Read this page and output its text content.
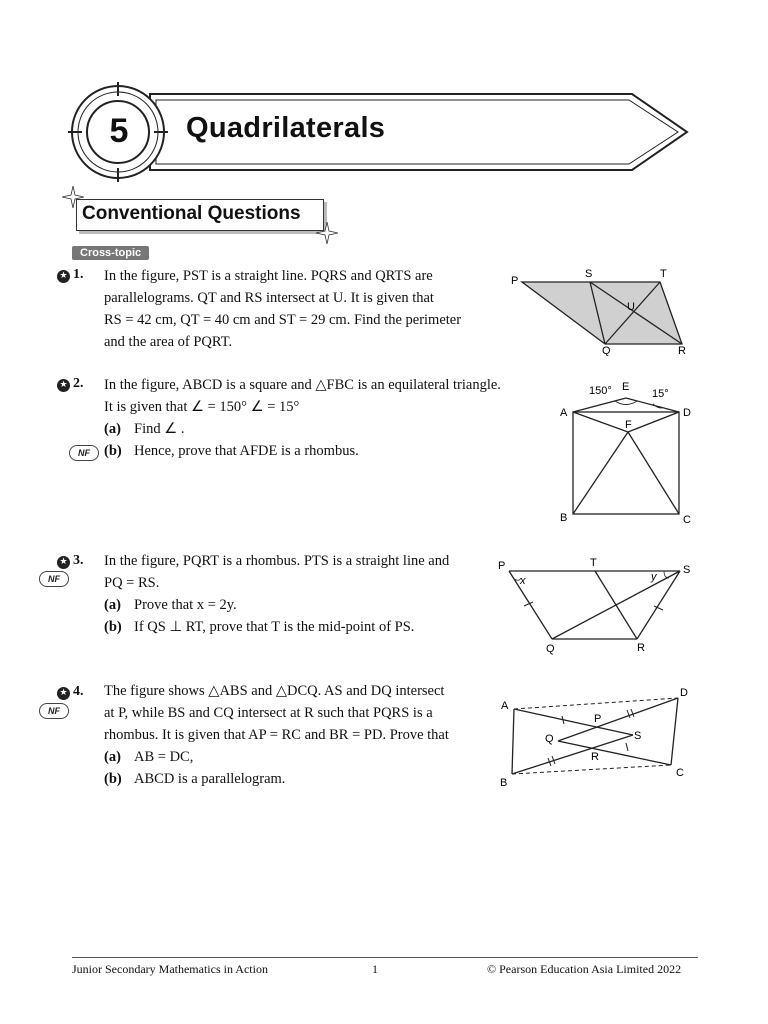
5 Quadrilaterals
Conventional Questions
Cross-topic
★ 1. In the figure, PST is a straight line. PQRS and QRTS are
parallelograms. QT and RS intersect at U. It is given that
RS = 42 cm, QT = 40 cm and ST = 29 cm. Find the perimeter
and the area of PQRT.
P
S	T
U
Q	R
★ 2. In the figure, ABCD is a square and △FBC is an equilateral triangle.
It is given that ∠ = 150° ∠ = 15°
(a) Find ∠ .
(b) Hence, prove that AFDE is a rhombus.
NF
150° E
15°
A	D
F
B	C
★ 3.
NF
In the figure, PQRT is a rhombus. PTS is a straight line and
PQ = RS.
(a) Prove that x = 2y.
(b) If QS ⊥ RT, prove that T is the mid-point of PS.
P	T
S
x	y
Q	R
★ 4.
NF
The figure shows △ABS and △DCQ. AS and DQ intersect
at P, while BS and CQ intersect at R such that PQRS is a
rhombus. It is given that AP = RC and BR = PD. Prove that
(a) AB = DC,
(b) ABCD is a parallelogram.
A
D
P
Q	S
R
B
C
Junior Secondary Mathematics in Action	1	© Pearson Education Asia Limited 2022
